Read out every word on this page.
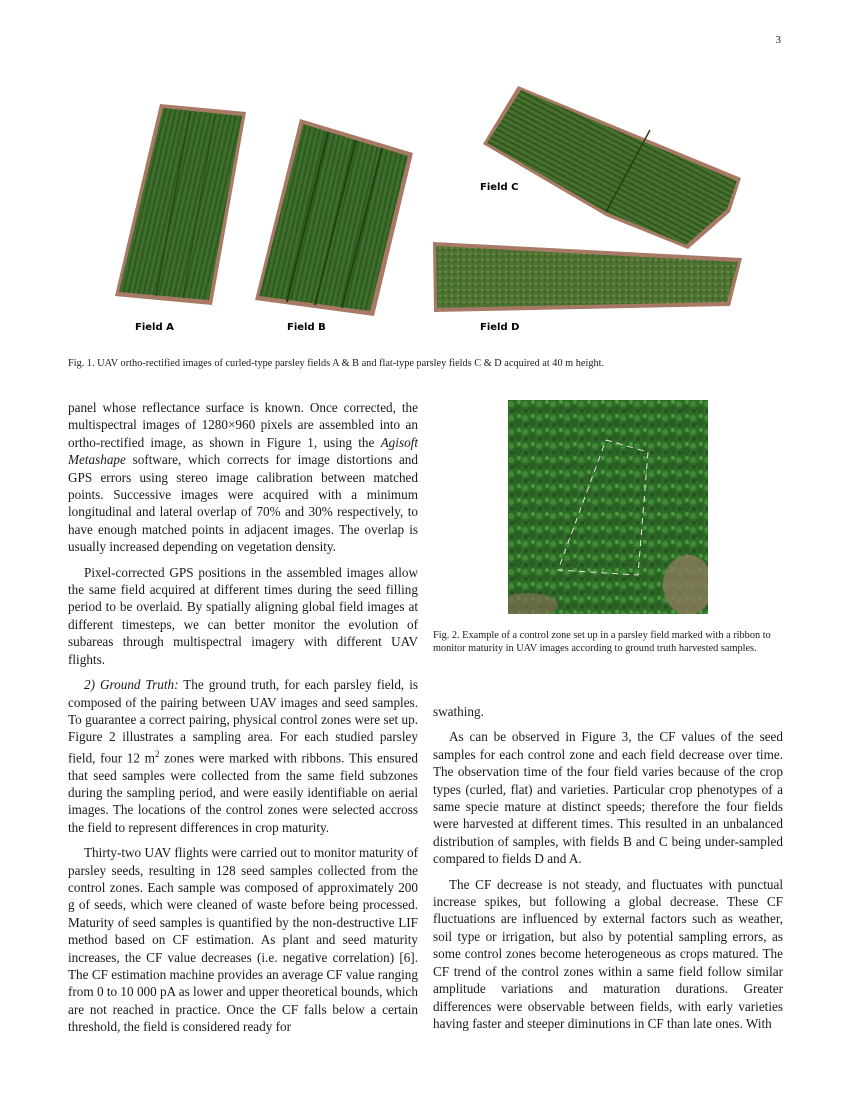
3
Field A	Field B
Field C
Field D
Fig. 1. UAV ortho-rectified images of curled-type parsley fields A & B and flat-type parsley fields C & D acquired at 40 m height.

panel whose reflectance surface is known. Once corrected, the multispectral images of 1280×960 pixels are assembled into an ortho-rectified image, as shown in Figure 1, using the Agisoft Metashape software, which corrects for image distortions and GPS errors using stereo image calibration between matched points. Successive images were acquired with a minimum longitudinal and lateral overlap of 70% and 30% respectively, to have enough matched points in adjacent images. The overlap is usually increased depending on vegetation density.

Pixel-corrected GPS positions in the assembled images allow the same field acquired at different times during the seed filling period to be overlaid. By spatially aligning global field images at different timesteps, we can better monitor the evolution of subareas through multispectral imagery with different UAV flights.

2) Ground Truth: The ground truth, for each parsley field, is composed of the pairing between UAV images and seed samples. To guarantee a correct pairing, physical control zones were set up. Figure 2 illustrates a sampling area. For each studied parsley field, four 12 $m^2$ zones were marked with ribbons. This ensured that seed samples were collected from the same field subzones during the sampling period, and were easily identifiable on aerial images. The locations of the control zones were selected accross the field to represent differences in crop maturity.

Thirty-two UAV flights were carried out to monitor maturity of parsley seeds, resulting in 128 seed samples collected from the control zones. Each sample was composed of approximately 200 g of seeds, which were cleaned of waste before being processed. Maturity of seed samples is quantified by the non-destructive LIF method based on CF estimation. As plant and seed maturity increases, the CF value decreases (i.e. negative correlation) [6]. The CF estimation machine provides an average CF value ranging from 0 to 10 000 pA as lower and upper theoretical bounds, which are not reached in practice. Once the CF falls below a certain threshold, the field is considered ready for

Fig. 2. Example of a control zone set up in a parsley field marked with a ribbon to monitor maturity in UAV images according to ground truth harvested samples.

swathing.

As can be observed in Figure 3, the CF values of the seed samples for each control zone and each field decrease over time. The observation time of the four field varies because of the crop types (curled, flat) and varieties. Particular crop phenotypes of a same specie mature at distinct speeds; therefore the four fields were harvested at different times. This resulted in an unbalanced distribution of samples, with fields B and C being under-sampled compared to fields D and A.

The CF decrease is not steady, and fluctuates with punctual increase spikes, but following a global decrease. These CF fluctuations are influenced by external factors such as weather, soil type or irrigation, but also by potential sampling errors, as some control zones become heterogeneous as crops matured. The CF trend of the control zones within a same field follow similar amplitude variations and maturation durations. Greater differences were observable between fields, with early varieties having faster and steeper diminutions in CF than late ones. With
